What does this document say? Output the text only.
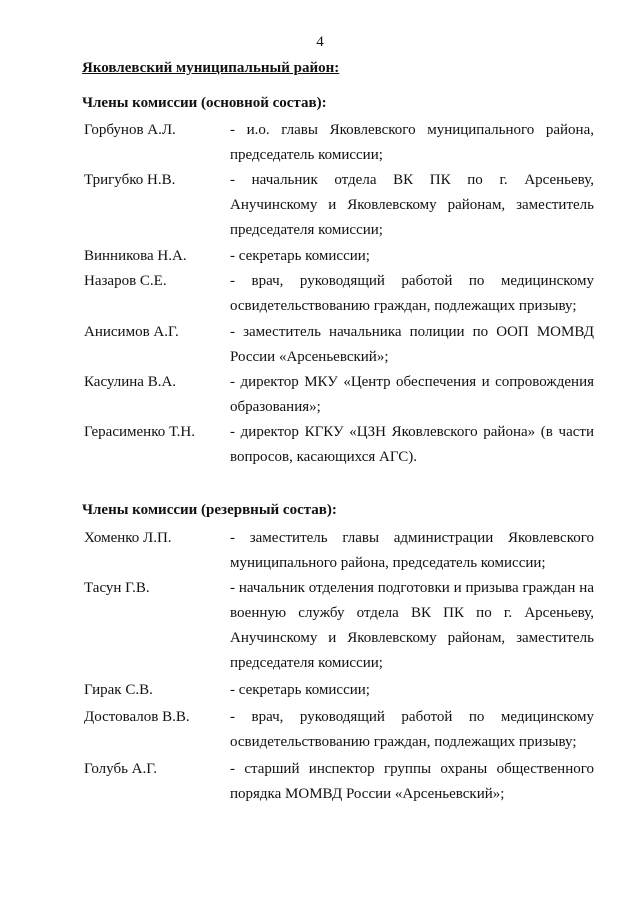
4
Яковлевский муниципальный район:
Члены комиссии (основной состав):
Горбунов А.Л.	- и.о. главы Яковлевского муниципального района, председатель комиссии;
Тригубко Н.В.	- начальник отдела ВК ПК по г. Арсеньеву, Анучинскому и Яковлевскому районам, заместитель председателя комиссии;
Винникова Н.А.	- секретарь комиссии;
Назаров С.Е.	- врач, руководящий работой по медицинскому освидетельствованию граждан, подлежащих призыву;
Анисимов А.Г.	- заместитель начальника полиции по ООП МОМВД России «Арсеньевский»;
Касулина В.А.	- директор МКУ «Центр обеспечения и сопровождения образования»;
Герасименко Т.Н.	- директор КГКУ «ЦЗН Яковлевского района» (в части вопросов, касающихся АГС).
Члены комиссии (резервный состав):
Хоменко Л.П.	- заместитель главы администрации Яковлевского муниципального района, председатель комиссии;
Тасун Г.В.	- начальник отделения подготовки и призыва граждан на военную службу отдела ВК ПК по г. Арсеньеву, Анучинскому и Яковлевскому районам, заместитель председателя комиссии;
Гирак С.В.	- секретарь комиссии;
Достовалов В.В.	- врач, руководящий работой по медицинскому освидетельствованию граждан, подлежащих призыву;
Голубь А.Г.	- старший инспектор группы охраны общественного порядка МОМВД России «Арсеньевский»;
